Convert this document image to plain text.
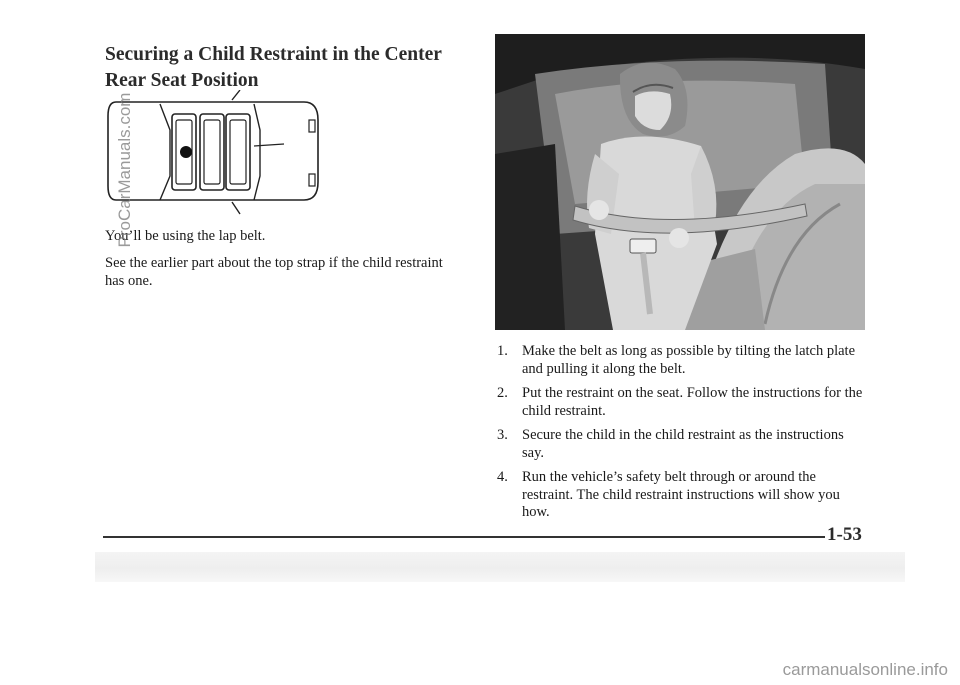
Securing a Child Restraint in the Center Rear Seat Position

You’ll be using the lap belt.

See the earlier part about the top strap if the child restraint has one.

1. Make the belt as long as possible by tilting the latch plate and pulling it along the belt.
2. Put the restraint on the seat. Follow the instructions for the child restraint.
3. Secure the child in the child restraint as the instructions say.
4. Run the vehicle’s safety belt through or around the restraint. The child restraint instructions will show you how.
1-53
ProCarManuals.com
carmanualsonline.info
